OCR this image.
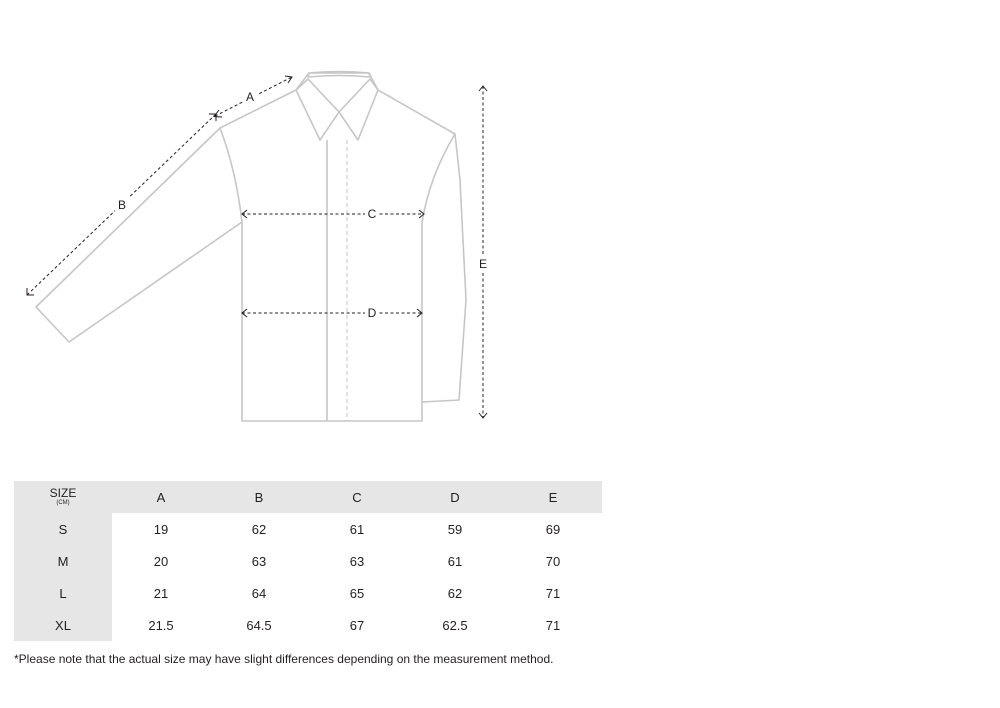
A
B
C
D
E
SIZE
(CM)	A	B	C	D	E
S	19	62	61	59	69
M	20	63	63	61	70
L	21	64	65	62	71
XL	21.5	64.5	67	62.5	71
*Please note that the actual size may have slight differences depending on the measurement method.
